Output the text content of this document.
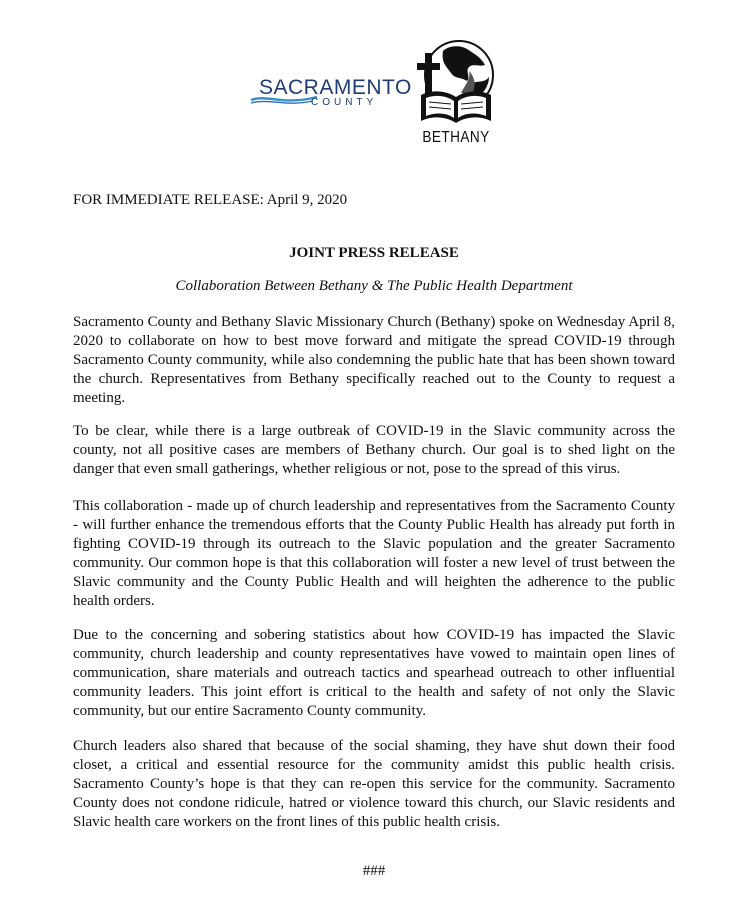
SACRAMENTO
COUNTY
BETHANY
FOR IMMEDIATE RELEASE: April 9, 2020
JOINT PRESS RELEASE
Collaboration Between Bethany & The Public Health Department
Sacramento County and Bethany Slavic Missionary Church (Bethany) spoke on Wednesday April 8, 2020 to collaborate on how to best move forward and mitigate the spread COVID-19 through Sacramento County community, while also condemning the public hate that has been shown toward the church. Representatives from Bethany specifically reached out to the County to request a meeting.
To be clear, while there is a large outbreak of COVID-19 in the Slavic community across the county, not all positive cases are members of Bethany church. Our goal is to shed light on the danger that even small gatherings, whether religious or not, pose to the spread of this virus.
This collaboration - made up of church leadership and representatives from the Sacramento County - will further enhance the tremendous efforts that the County Public Health has already put forth in fighting COVID-19 through its outreach to the Slavic population and the greater Sacramento community. Our common hope is that this collaboration will foster a new level of trust between the Slavic community and the County Public Health and will heighten the adherence to the public health orders.
Due to the concerning and sobering statistics about how COVID-19 has impacted the Slavic community, church leadership and county representatives have vowed to maintain open lines of communication, share materials and outreach tactics and spearhead outreach to other influential community leaders. This joint effort is critical to the health and safety of not only the Slavic community, but our entire Sacramento County community.
Church leaders also shared that because of the social shaming, they have shut down their food closet, a critical and essential resource for the community amidst this public health crisis. Sacramento County’s hope is that they can re-open this service for the community. Sacramento County does not condone ridicule, hatred or violence toward this church, our Slavic residents and Slavic health care workers on the front lines of this public health crisis.
###
